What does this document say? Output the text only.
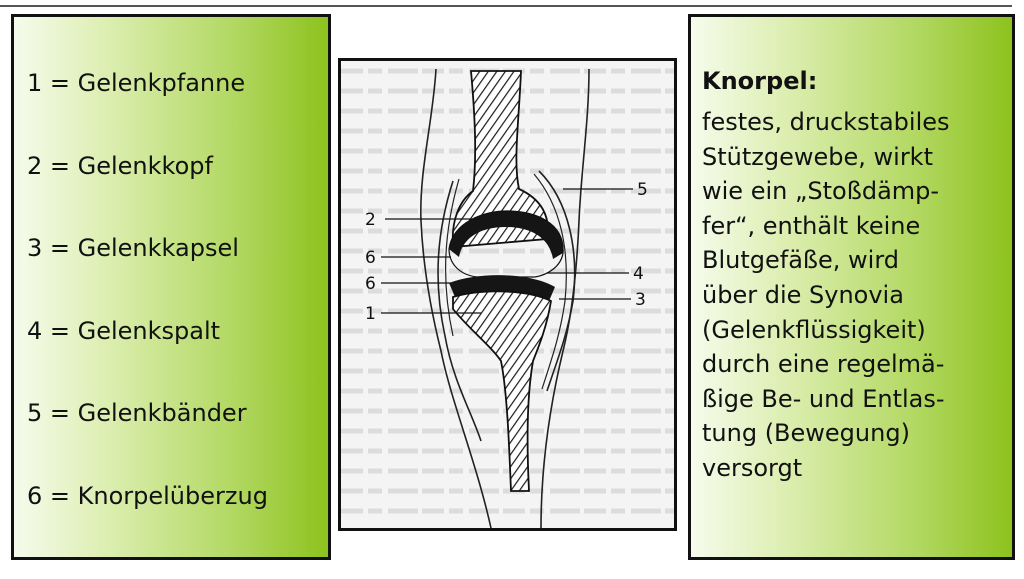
1 = Gelenkpfanne

2 = Gelenkkopf

3 = Gelenkkapsel

4 = Gelenkspalt

5 = Gelenkbänder

6 = Knorpelüberzug

2
6
6
1
5
4
3

Knorpel:

festes, druckstabiles
Stützgewebe, wirkt
wie ein „Stoßdämp-
fer“, enthält keine
Blutgefäße, wird
über die Synovia
(Gelenkflüssigkeit)
durch eine regelmä-
ßige Be- und Entlas-
tung (Bewegung)
versorgt
